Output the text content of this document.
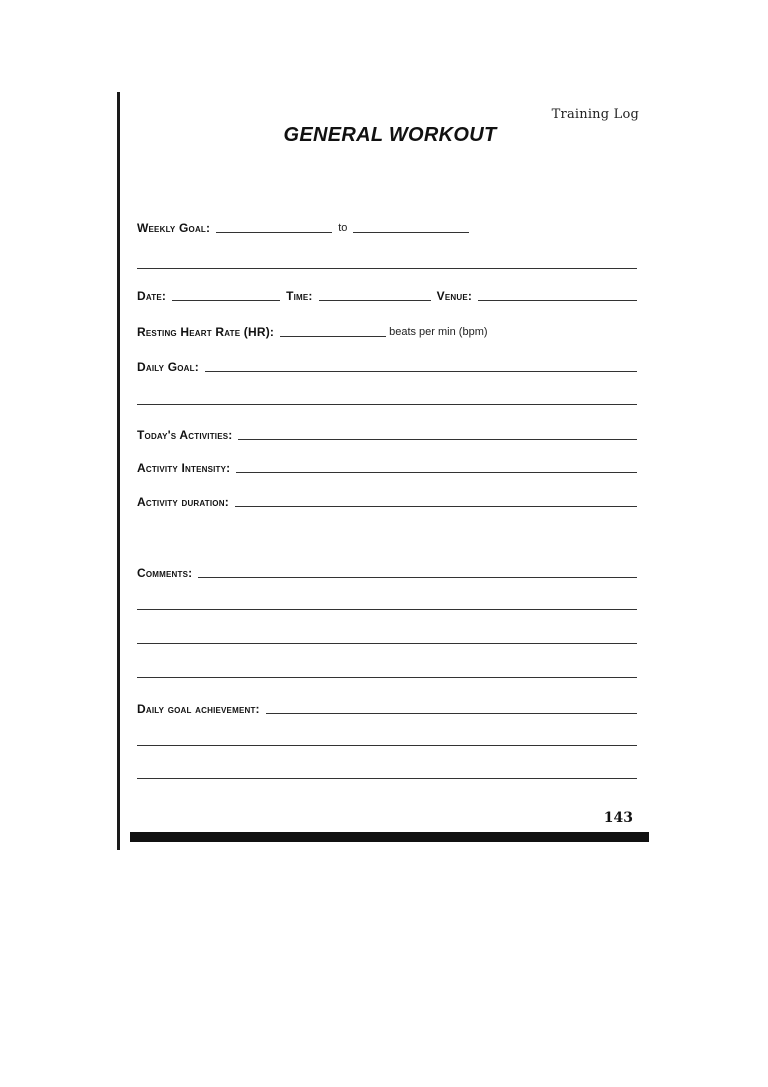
Training Log
GENERAL WORKOUT
Weekly Goal:	to
Date:	Time:	Venue:
Resting Heart Rate (HR):	beats per min (bpm)
Daily Goal:
Today's Activities:
Activity Intensity:
Activity duration:
Comments:
Daily goal achievement:
143
